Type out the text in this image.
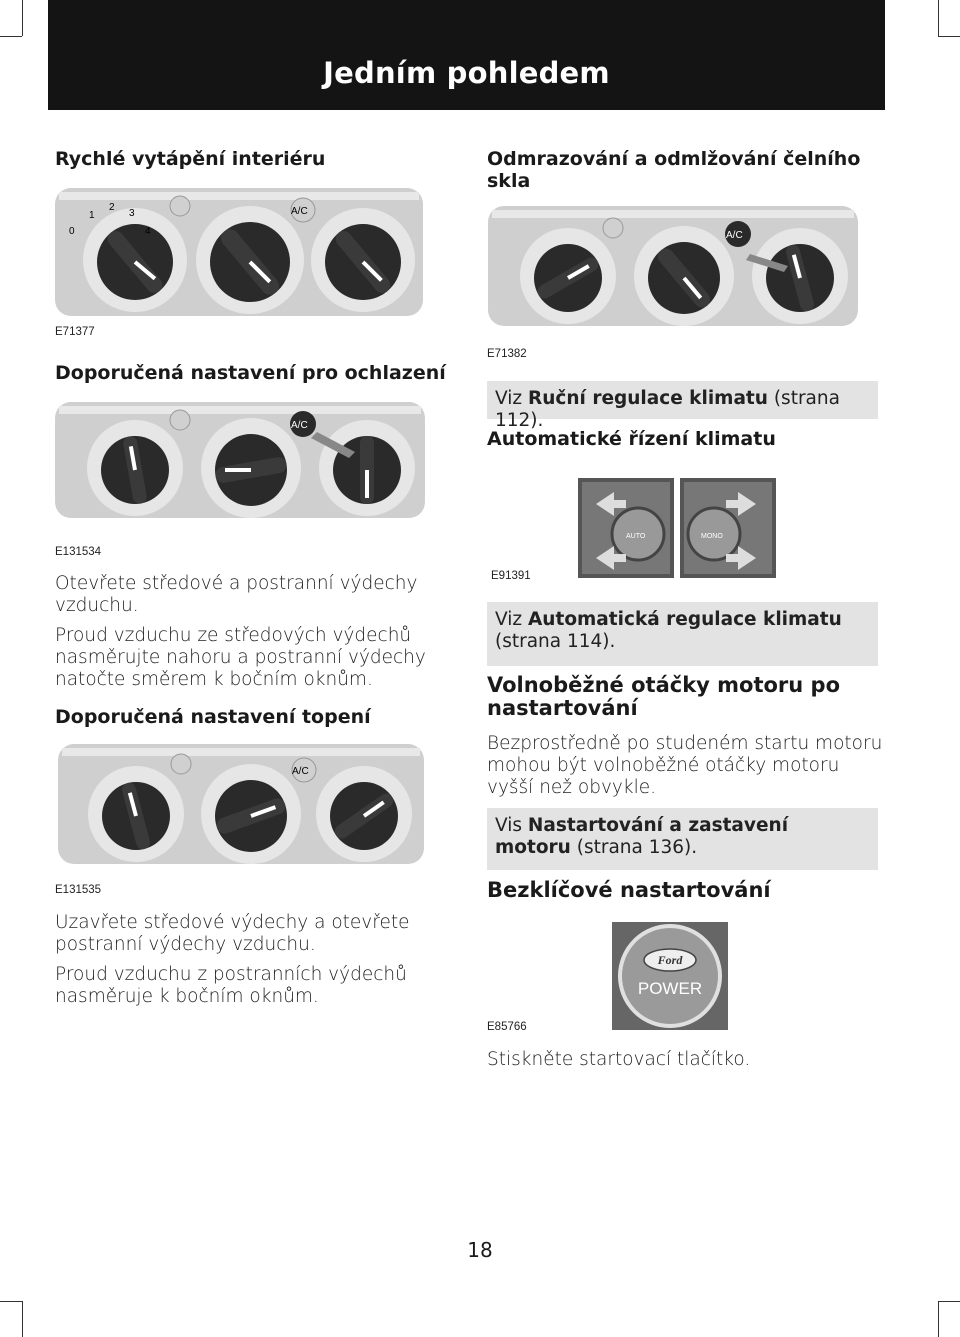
Jedním pohledem
Rychlé vytápění interiéru
A/C
0
1
2
3
4
E71377
Doporučená nastavení pro ochlazení
A/C
E131534

Otevřete středové a postranní výdechy vzduchu.

Proud vzduchu ze středových výdechů nasměrujte nahoru a postranní výdechy natočte směrem k bočním oknům.

Doporučená nastavení topení
A/C
E131535

Uzavřete středové výdechy a otevřete postranní výdechy vzduchu.

Proud vzduchu z postranních výdechů nasměruje k bočním oknům.

Odmrazování a odmlžování čelního skla
A/C
E71382
Viz Ruční regulace klimatu (strana 112).
Automatické řízení klimatu
AUTO	MONO
E91391
Viz Automatická regulace klimatu (strana 114).
Volnoběžné otáčky motoru po nastartování

Bezprostředně po studeném startu motoru mohou být volnoběžné otáčky motoru vyšší než obvykle.

Vis Nastartování a zastavení motoru (strana 136).
Bezklíčové nastartování
Ford
POWER
E85766

Stiskněte startovací tlačítko.

18
